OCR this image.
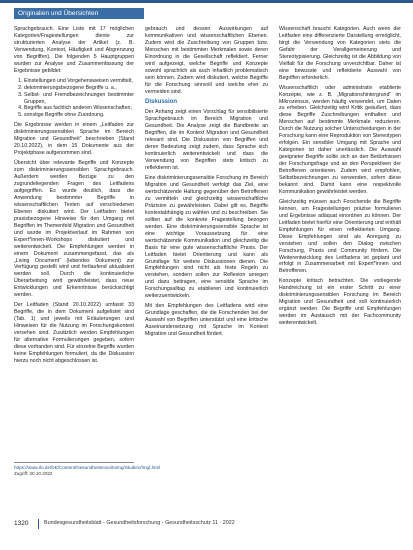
Originalien und Übersichten

Sprachgebrauch. Eine Liste mit 17 möglichen Kategorien/Fragestellungen diente zur strukturierten Analyse der Artikel (z. B. Verwendung, Kontext, Häufigkeit und Abgrenzung von Begriffen). Die folgenden 5 Hauptgruppen wurden zur Analyse und Zusammenfassung der Ergebnisse gebildet:

1. Einstellungen und Vorgehensweisen vermittelt,
2. dekriminierungsbezogene Begriffe u. a.,
3. Selbst- und Fremdbezeichnungen bestimmter Gruppen,
4. Begriffe aus fachlich anderen Wissenschaften,
5. sonstige Begriffe ohne Zuordnung.

Die Ergebnisse werden in einem „Leitfaden zur diskriminierungssensiblen Sprache im Bereich Migration und Gesundheit“ beschrieben (Stand 20.10.2022), in dem 15 Dokumente aus der Projektphase aufgenommen sind.

Übersicht über relevante Begriffe und Konzepte zum diskriminierungssensiblen Sprachgebrauch. Außerdem werden Bezüge zu den zugrundeliegenden Fragen des Leitfadens aufgegriffen. Es wurde deutlich, dass die Anwendung bestimmter Begriffe in wissenschaftlichen Texten auf verschiedenen Ebenen diskutiert wird. Der Leitfaden bietet praxisbezogene Hinweise für den Umgang mit Begriffen im Themenfeld Migration und Gesundheit und wurde im Projektverlauf im Rahmen von Expert*innen-Workshops diskutiert und weiterentwickelt. Die Empfehlungen werden in einem Dokument zusammengefasst, das als „Living Document“ (lebendes Dokument) zur Verfügung gestellt wird und fortlaufend aktualisiert werden soll. Durch die kontinuierliche Überarbeitung wird gewährleistet, dass neue Entwicklungen und Erkenntnisse berücksichtigt werden.

Der Leitfaden (Stand 20.10.2022) umfasst 33 Begriffe, die in dem Dokument aufgelistet sind (Tab. 1) und jeweils mit Erläuterungen und Hinweisen für die Nutzung im Forschungskontext versehen sind. Zusätzlich werden Empfehlungen für alternative Formulierungen gegeben, sofern diese vorhanden sind. Für einzelne Begriffe wurden keine Empfehlungen formuliert, da die Diskussion hierzu noch nicht abgeschlossen ist.

gebrauch und dessen Auswirkungen auf kommunikativen und wissenschaftlichen Ebenen. Zudem wird die Zuschreibung von Gruppen bzw. Menschen mit bestimmten Merkmalen sowie deren Einordnung in die Gesellschaft reflektiert. Ferner wird aufgezeigt, welche Begriffe und Konzepte sowohl sprachlich als auch inhaltlich problematisch sein können. Zudem wird diskutiert, welche Begriffe für die Forschung sinnvoll und welche eher zu vermeiden sind.

Diskussion

Der Anhang zeigt einen Vorschlag für sensibilisierte Sprachgebrauch im Bereich Migration und Gesundheit. Die Analyse zeigt die Bandbreite an Begriffen, die im Kontext Migration und Gesundheit relevant sind. Die Diskussion von Begriffen und deren Bedeutung zeigt zudem, dass Sprache sich kontinuierlich weiterentwickelt und dass die Verwendung von Begriffen stets kritisch zu reflektieren ist.

Eine diskriminierungssensible Forschung im Bereich Migration und Gesundheit verfolgt das Ziel, eine wertschätzende Haltung gegenüber den Betroffenen zu vermitteln und gleichzeitig wissenschaftliche Präzision zu gewährleisten. Dabei gilt es, Begriffe kontextabhängig zu wählen und zu beschreiben. Sie sollten auf die konkrete Fragestellung bezogen werden. Eine diskriminierungssensible Sprache ist eine wichtige Voraussetzung für eine wertschätzende Kommunikation und gleichzeitig die Basis für eine gute wissenschaftliche Praxis. Der Leitfaden bietet Orientierung und kann als Grundlage für weitere Diskussionen dienen. Die Empfehlungen sind nicht als feste Regeln zu verstehen, sondern sollen zur Reflexion anregen und dazu beitragen, eine sensible Sprache im Forschungsalltag zu etablieren und kontinuierlich weiterzuentwickeln.

Mit den Empfehlungen des Leitfadens wird eine Grundlage geschaffen, die die Forschenden bei der Auswahl von Begriffen unterstützt und eine kritische Auseinandersetzung mit Sprache im Kontext Migration und Gesundheit fördert.

Wissenschaft braucht Kategorien. Auch wenn der Leitfaden eine differenzierte Darstellung ermöglicht, birgt die Verwendung von Kategorien stets die Gefahr der Verallgemeinerung und Stereotypisierung. Gleichzeitig ist die Abbildung von Vielfalt für die Forschung unverzichtbar. Daher ist eine bewusste und reflektierte Auswahl von Begriffen erforderlich.

Wissenschaftlich oder administrativ etablierte Konzepte, wie z. B. „Migrationshintergrund“ im Mikrozensus, werden häufig verwendet, um Daten zu erheben. Gleichzeitig wird Kritik geäußert, dass diese Begriffe Zuschreibungen enthalten und Menschen auf bestimmte Merkmale reduzieren. Durch die Nutzung solcher Unterscheidungen in der Forschung kann eine Reproduktion von Stereotypen erfolgen. Ein sensibler Umgang mit Sprache und Kategorien ist daher unerlässlich. Die Auswahl geeigneter Begriffe sollte sich an den Bedürfnissen der Forschungsfrage und an den Perspektiven der Betroffenen orientieren. Zudem wird empfohlen, Selbstbezeichnungen zu verwenden, sofern diese bekannt sind. Damit kann eine respektvolle Kommunikation gewährleistet werden.

Gleichzeitig müssen auch Forschende die Begriffe kennen, um Fragestellungen präzise formulieren und Ergebnisse adäquat einordnen zu können. Der Leitfaden bietet hierfür eine Orientierung und enthält Empfehlungen für einen reflektierten Umgang. Diese Empfehlungen sind als Anregung zu verstehen und sollen den Dialog zwischen Forschung, Praxis und Community fördern. Die Weiterentwicklung des Leitfadens ist geplant und erfolgt in Zusammenarbeit mit Expert*innen und Betroffenen.

Konzepte kritisch betrachten. Die vorliegende Handreichung ist ein erster Schritt zu einer diskriminierungssensiblen Forschung im Bereich Migration und Gesundheit und soll kontinuierlich ergänzt werden. Die Begriffe und Empfehlungen werden im Austausch mit der Fachcommunity weiterentwickelt.

https://www.rki.de/DE/Content/Gesundheitsmonitoring/Studien/lmgf.html
Zugriff: 20.10.2022
1320	Bundesgesundheitsblatt - Gesundheitsforschung - Gesundheitsschutz 11 · 2022
